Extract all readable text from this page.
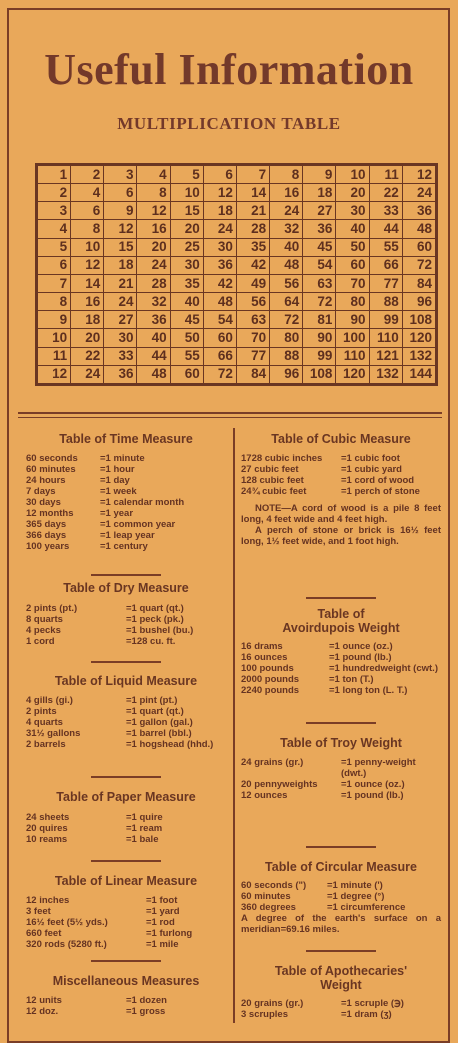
Useful Information
MULTIPLICATION TABLE
1	2	3	4	5	6	7	8	9	10	11	12
2	4	6	8	10	12	14	16	18	20	22	24
3	6	9	12	15	18	21	24	27	30	33	36
4	8	12	16	20	24	28	32	36	40	44	48
5	10	15	20	25	30	35	40	45	50	55	60
6	12	18	24	30	36	42	48	54	60	66	72
7	14	21	28	35	42	49	56	63	70	77	84
8	16	24	32	40	48	56	64	72	80	88	96
9	18	27	36	45	54	63	72	81	90	99	108
10	20	30	40	50	60	70	80	90	100	110	120
11	22	33	44	55	66	77	88	99	110	121	132
12	24	36	48	60	72	84	96	108	120	132	144
Table of Time Measure
60 seconds	=1 minute
60 minutes	=1 hour
24 hours	=1 day
7 days	=1 week
30 days	=1 calendar month
12 months	=1 year
365 days	=1 common year
366 days	=1 leap year
100 years	=1 century
Table of Dry Measure
2 pints (pt.)	=1 quart (qt.)
8 quarts	=1 peck (pk.)
4 pecks	=1 bushel (bu.)
1 cord	=128 cu. ft.
Table of Liquid Measure
4 gills (gi.)	=1 pint (pt.)
2 pints	=1 quart (qt.)
4 quarts	=1 gallon (gal.)
31½ gallons	=1 barrel (bbl.)
2 barrels	=1 hogshead (hhd.)
Table of Paper Measure
24 sheets	=1 quire
20 quires	=1 ream
10 reams	=1 bale
Table of Linear Measure
12 inches	=1 foot
3 feet	=1 yard
16½ feet (5½ yds.)	=1 rod
660 feet	=1 furlong
320 rods (5280 ft.)	=1 mile
Miscellaneous Measures
12 units	=1 dozen
12 doz.	=1 gross
Table of Cubic Measure
1728 cubic inches	=1 cubic foot
27 cubic feet	=1 cubic yard
128 cubic feet	=1 cord of wood
24¾ cubic feet	=1 perch of stone
NOTE—A cord of wood is a pile 8 feet long, 4 feet wide and 4 feet high.
A perch of stone or brick is 16½ feet long, 1½ feet wide, and 1 foot high.
Table of Avoirdupois Weight
16 drams	=1 ounce (oz.)
16 ounces	=1 pound (lb.)
100 pounds	=1 hundredweight (cwt.)
2000 pounds	=1 ton (T.)
2240 pounds	=1 long ton (L. T.)
Table of Troy Weight
24 grains (gr.)	=1 penny-weight (dwt.)
20 pennyweights	=1 ounce (oz.)
12 ounces	=1 pound (lb.)
Table of Circular Measure
60 seconds (")	=1 minute (')
60 minutes	=1 degree (°)
360 degrees	=1 circumference
A degree of the earth's surface on a meridian=69.16 miles.
Table of Apothecaries' Weight
20 grains (gr.)	=1 scruple (℈)
3 scruples	=1 dram (ʒ)
